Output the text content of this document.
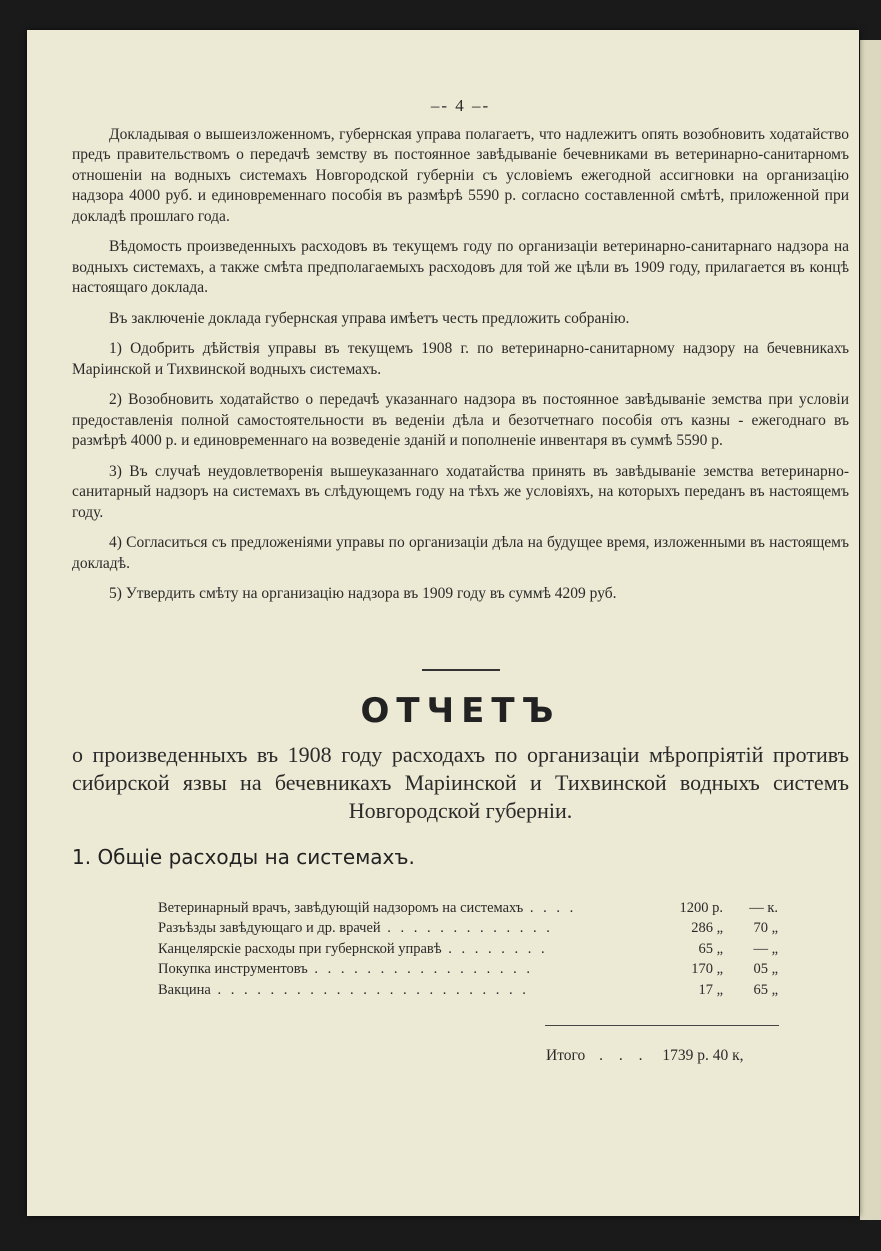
–- 4 –-

Докладывая о вышеизложенномъ, губернская управа полагаетъ, что надлежитъ опять возобновить ходатайство предъ правительствомъ о передачѣ земству въ постоянное завѣдываніе бечевниками въ ветеринарно-санитарномъ отношеніи на водныхъ системахъ Новгородской губерніи съ условіемъ ежегодной ассигновки на организацію надзора 4000 руб. и единовременнаго пособія въ размѣрѣ 5590 р. согласно составленной смѣтѣ, приложенной при докладѣ прошлаго года.

Вѣдомость произведенныхъ расходовъ въ текущемъ году по организаціи ветеринарно-санитарнаго надзора на водныхъ системахъ, а также смѣта предполагаемыхъ расходовъ для той же цѣли въ 1909 году, прилагается въ концѣ настоящаго доклада.

Въ заключеніе доклада губернская управа имѣетъ честь предложить собранію.

1) Одобрить дѣйствія управы въ текущемъ 1908 г. по ветеринарно-санитарному надзору на бечевникахъ Маріинской и Тихвинской водныхъ системахъ.

2) Возобновить ходатайство о передачѣ указаннаго надзора въ постоянное завѣдываніе земства при условіи предоставленія полной самостоятельности въ веденіи дѣла и безотчетнаго пособія отъ казны - ежегоднаго въ размѣрѣ 4000 р. и единовременнаго на возведеніе зданій и пополненіе инвентаря въ суммѣ 5590 р.

3) Въ случаѣ неудовлетворенія вышеуказаннаго ходатайства принять въ завѣдываніе земства ветеринарно-санитарный надзоръ на системахъ въ слѣдующемъ году на тѣхъ же условіяхъ, на которыхъ переданъ въ настоящемъ году.

4) Согласиться съ предложеніями управы по организаціи дѣла на будущее время, изложенными въ настоящемъ докладѣ.

5) Утвердить смѣту на организацію надзора въ 1909 году въ суммѣ 4209 руб.

ОТЧЕТЪ
о произведенныхъ въ 1908 году расходахъ по организаціи мѣропріятій противъ сибирской язвы на бечевникахъ Маріинской и Тихвинской водныхъ системъ Новгородской губерніи.
1. Общіе расходы на системахъ.
Ветеринарный врачъ, завѣдующій надзоромъ на системахъ . . . .	1200 р.	— к.
Разъѣзды завѣдующаго и др. врачей . . . . . . . . . . . . .	286 „	70 „
Канцелярскіе расходы при губернской управѣ . . . . . . . .	65 „	— „
Покупка инструментовъ . . . . . . . . . . . . . . . . .	170 „	05 „
Вакцина . . . . . . . . . . . . . . . . . . . . . . . .	17 „	65 „
Итого . . . 1739 р. 40 к,
